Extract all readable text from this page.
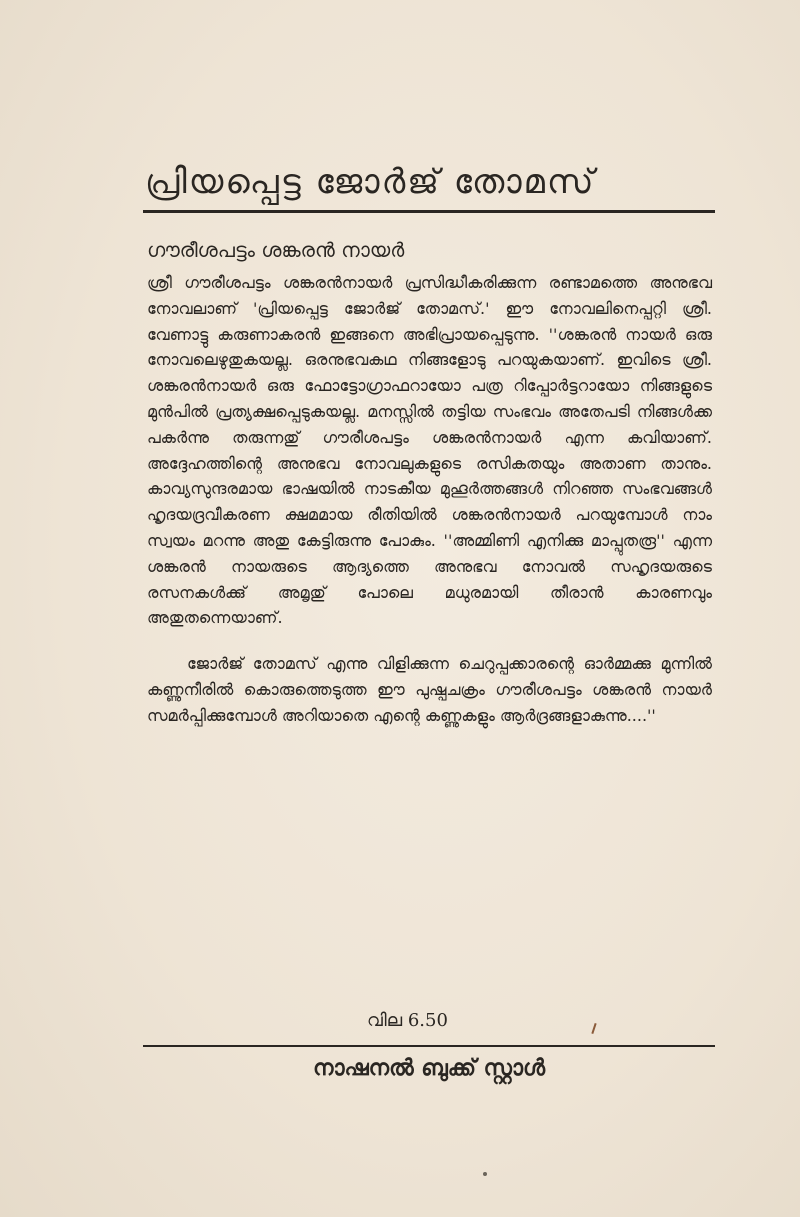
പ്രിയപ്പെട്ട ജോർജ് തോമസ്
ഗൗരീശപട്ടം ശങ്കരൻ നായർ

ശ്രീ ഗൗരീശപട്ടം ശങ്കരൻനായർ പ്രസിദ്ധീകരിക്കുന്ന രണ്ടാമത്തെ അനുഭവ നോവലാണ് 'പ്രിയപ്പെട്ട ജോർജ് തോമസ്.' ഈ നോവലിനെപ്പറ്റി ശ്രീ. വേണാട്ടു കരുണാകരൻ ഇങ്ങനെ അഭിപ്രായപ്പെടുന്നു. ''ശങ്കരൻ നായർ ഒരു നോവലെഴുതുകയല്ല. ഒരനുഭവകഥ നിങ്ങളോടു പറയുകയാണ്. ഇവിടെ ശ്രീ. ശങ്കരൻനായർ ഒരു ഫോട്ടോഗ്രാഫറായോ പത്ര റിപ്പോർട്ടറായോ നിങ്ങളുടെ മുൻപിൽ പ്രത്യക്ഷപ്പെടുകയല്ല. മനസ്സിൽ തട്ടിയ സംഭവം അതേപടി നിങ്ങൾക്ക പകർന്നു തരുന്നതു് ഗൗരീശപട്ടം ശങ്കരൻനായർ എന്ന കവിയാണ്. അദ്ദേഹത്തിന്റെ അനുഭവ നോവലുകളുടെ രസികതയും അതാണ താനും. കാവ്യസുന്ദരമായ ഭാഷയിൽ നാടകീയ മുഹൂർത്തങ്ങൾ നിറഞ്ഞ സംഭവങ്ങൾ ഹൃദയദ്രവീകരണ ക്ഷമമായ രീതിയിൽ ശങ്കരൻനായർ പറയുമ്പോൾ നാം സ്വയം മറന്നു അതു കേട്ടിരുന്നു പോകും. ''അമ്മിണി എനിക്കു മാപ്പുതരൂ'' എന്ന ശങ്കരൻ നായരുടെ ആദ്യത്തെ അനുഭവ നോവൽ സഹൃദയരുടെ രസനകൾക്കു് അമൃതു് പോലെ മധുരമായി തീരാൻ കാരണവും അതുതന്നെയാണ്.

ജോർജ് തോമസ് എന്നു വിളിക്കുന്ന ചെറുപ്പക്കാരന്റെ ഓർമ്മക്കു മുന്നിൽ കണ്ണുനീരിൽ കൊരുത്തെടുത്ത ഈ പുഷ്പചക്രം ഗൗരീശപട്ടം ശങ്കരൻ നായർ സമർപ്പിക്കുമ്പോൾ അറിയാതെ എന്റെ കണ്ണുകളും ആർദ്രങ്ങളാകുന്നു....''

വില 6.50
നാഷനൽ ബുക്ക് സ്റ്റാൾ
